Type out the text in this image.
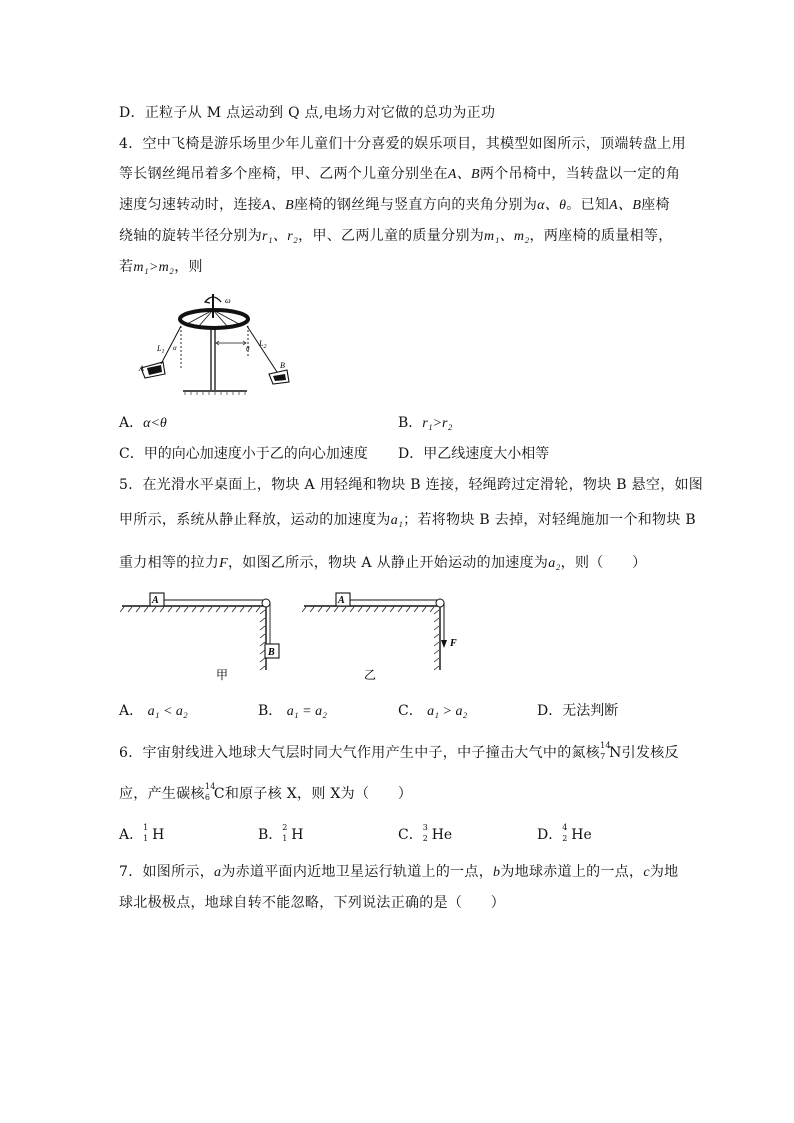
D．正粒子从 M 点运动到 Q 点,电场力对它做的总功为正功
4．空中飞椅是游乐场里少年儿童们十分喜爱的娱乐项目，其模型如图所示，顶端转盘上用
等长钢丝绳吊着多个座椅，甲、乙两个儿童分别坐在A、B两个吊椅中，当转盘以一定的角
速度匀速转动时，连接A、B座椅的钢丝绳与竖直方向的夹角分别为α、θ。已知A、B座椅
绕轴的旋转半径分别为r₁、r₂，甲、乙两儿童的质量分别为m₁、m₂，两座椅的质量相等，
若m₁>m₂，则
ω
$L_1$ α
A
θ
$L_2$
B
A．α<θ	B．r₁>r₂
C．甲的向心加速度小于乙的向心加速度 D．甲乙线速度大小相等
5．在光滑水平桌面上，物块 A 用轻绳和物块 B 连接，轻绳跨过定滑轮，物块 B 悬空，如图
甲所示，系统从静止释放，运动的加速度为a₁；若将物块 B 去掉，对轻绳施加一个和物块 B
重力相等的拉力F，如图乙所示，物块 A 从静止开始运动的加速度为a₂，则（　　）
A
B
甲
A
F
乙
A． a₁ < a₂	B． a₁ = a₂	C． a₁ > a₂	D．无法判断
6．宇宙射线进入地球大气层时同大气作用产生中子，中子撞击大气中的氮核 14
7 N引发核反
应，产生碳核 14
6 C和原子核 X，则 X为（　　）
A． 1
1 H	B． 2
1 H	C． 3
2 He	D． 4
2 He
7．如图所示，a为赤道平面内近地卫星运行轨道上的一点，b为地球赤道上的一点，c为地
球北极极点，地球自转不能忽略，下列说法正确的是（　　）
